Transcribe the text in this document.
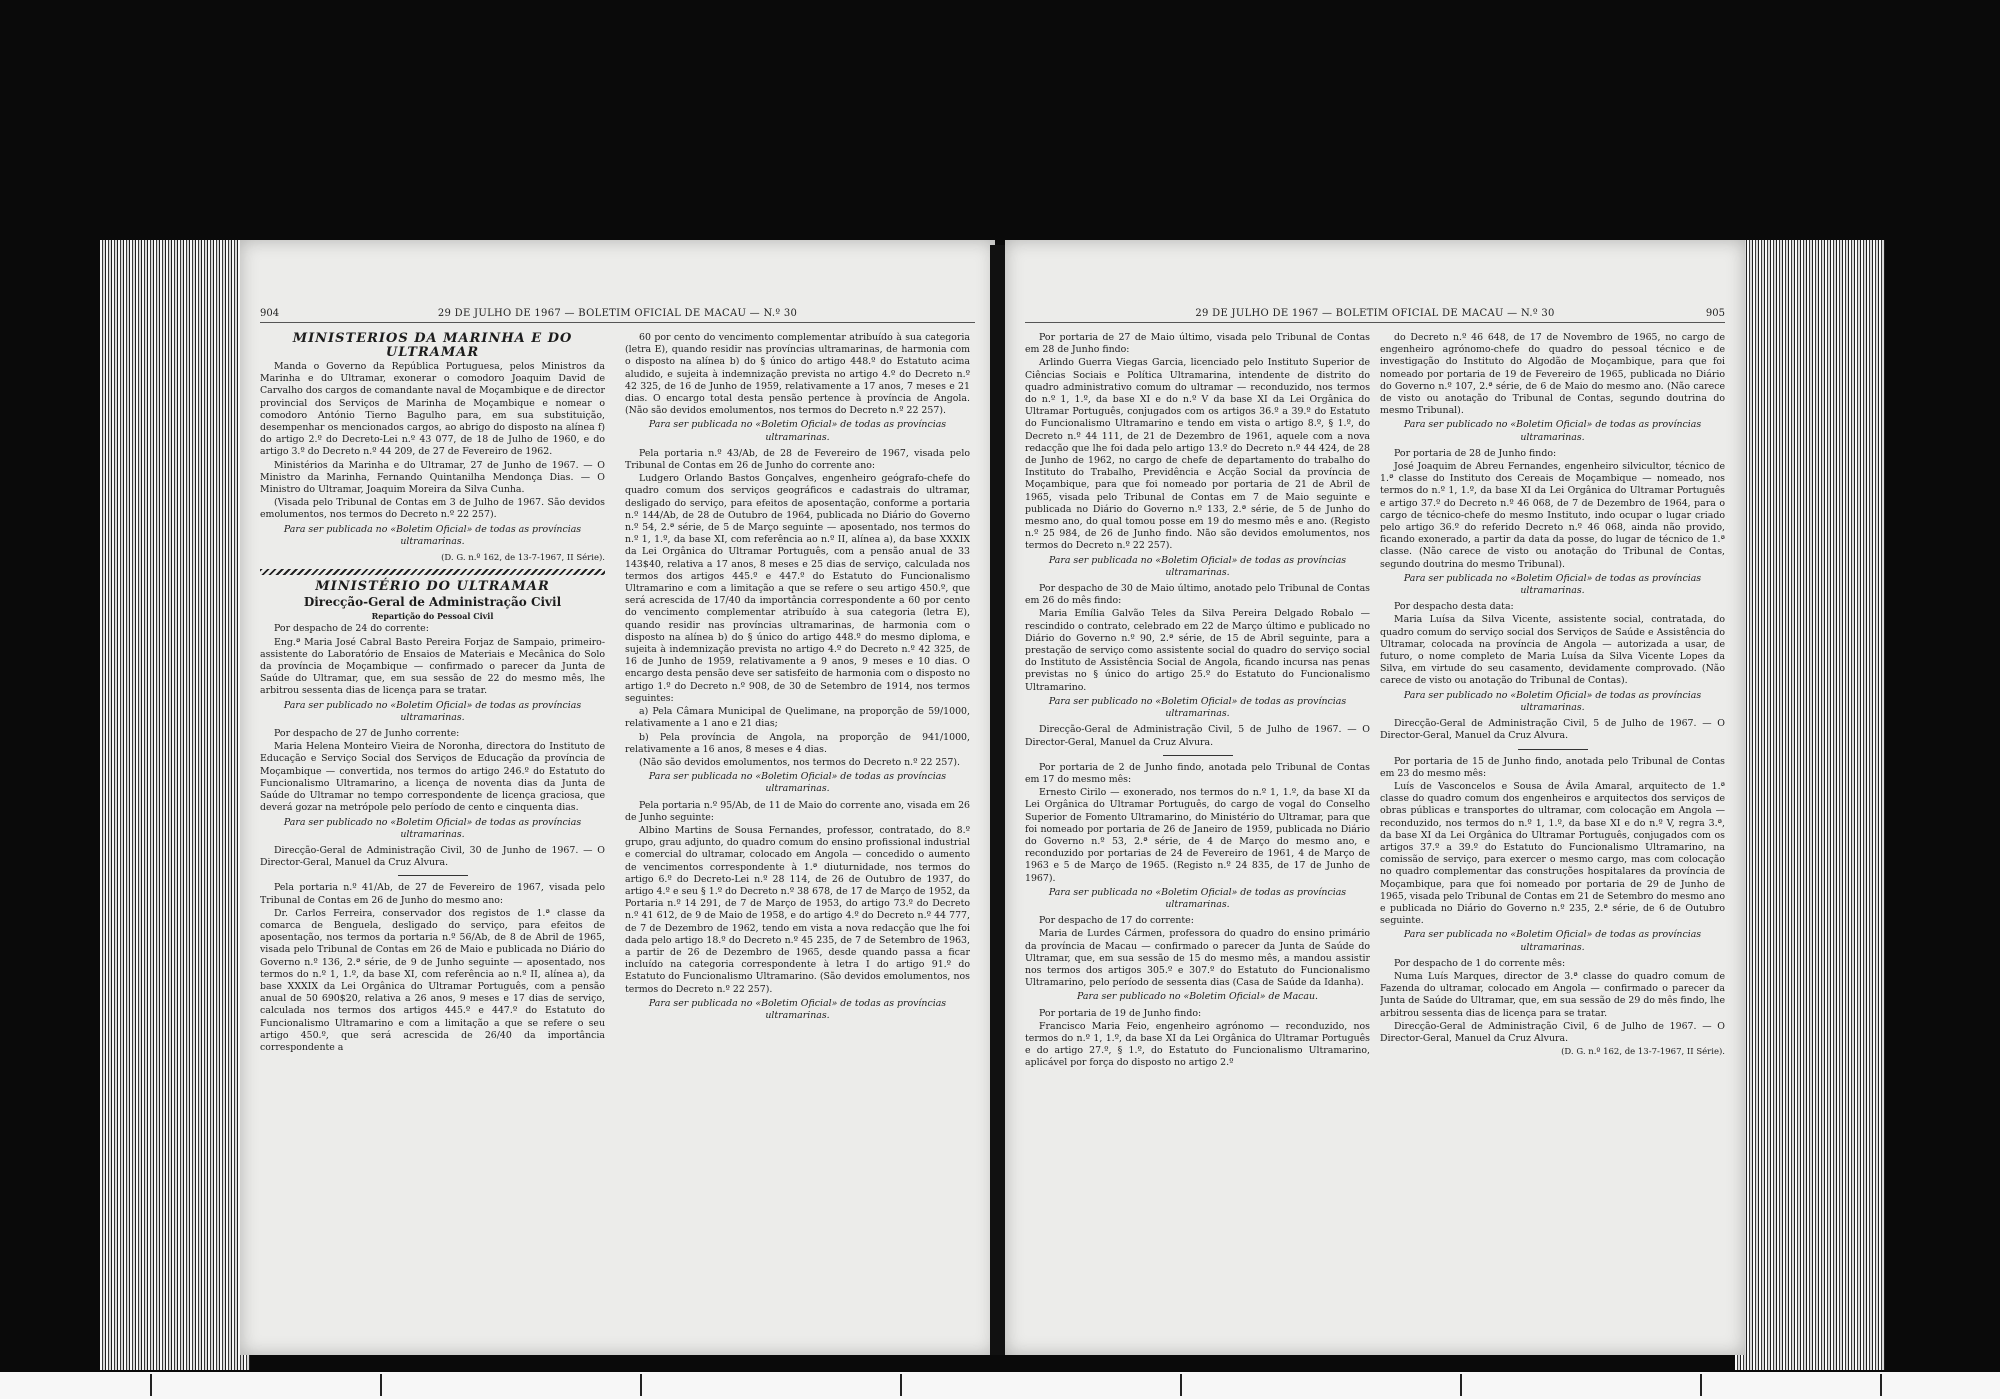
904	29 DE JULHO DE 1967 — BOLETIM OFICIAL DE MACAU — N.º 30

MINISTÉRIOS DA MARINHA E DO ULTRAMAR

Manda o Governo da República Portuguesa, pelos Ministros da Marinha e do Ultramar, exonerar o comodoro Joaquim David de Carvalho dos cargos de comandante naval de Moçambique e de director provincial dos Serviços de Marinha de Moçambique e nomear o comodoro António Tierno Bagulho para, em sua substituição, desempenhar os mencionados cargos, ao abrigo do disposto na alínea f) do artigo 2.º do Decreto-Lei n.º 43 077, de 18 de Julho de 1960, e do artigo 3.º do Decreto n.º 44 209, de 27 de Fevereiro de 1962.

Ministérios da Marinha e do Ultramar, 27 de Junho de 1967. — O Ministro da Marinha, Fernando Quintanilha Mendonça Dias. — O Ministro do Ultramar, Joaquim Moreira da Silva Cunha.

(Visada pelo Tribunal de Contas em 3 de Julho de 1967. São devidos emolumentos, nos termos do Decreto n.º 22 257).

Para ser publicada no «Boletim Oficial» de todas as províncias ultramarinas.

(D. G. n.º 162, de 13-7-1967, II Série).

MINISTÉRIO DO ULTRAMAR

Direcção-Geral de Administração Civil

Repartição do Pessoal Civil

Por despacho de 24 do corrente:

Eng.ª Maria José Cabral Basto Pereira Forjaz de Sampaio, primeiro-assistente do Laboratório de Ensaios de Materiais e Mecânica do Solo da província de Moçambique — confirmado o parecer da Junta de Saúde do Ultramar, que, em sua sessão de 22 do mesmo mês, lhe arbitrou sessenta dias de licença para se tratar.

Para ser publicado no «Boletim Oficial» de todas as províncias ultramarinas.

Por despacho de 27 de Junho corrente:

Maria Helena Monteiro Vieira de Noronha, directora do Instituto de Educação e Serviço Social dos Serviços de Educação da província de Moçambique — convertida, nos termos do artigo 246.º do Estatuto do Funcionalismo Ultramarino, a licença de noventa dias da Junta de Saúde do Ultramar no tempo correspondente de licença graciosa, que deverá gozar na metrópole pelo período de cento e cinquenta dias.

Para ser publicado no «Boletim Oficial» de todas as províncias ultramarinas.

Direcção-Geral de Administração Civil, 30 de Junho de 1967. — O Director-Geral, Manuel da Cruz Alvura.

Pela portaria n.º 41/Ab, de 27 de Fevereiro de 1967, visada pelo Tribunal de Contas em 26 de Junho do mesmo ano:

Dr. Carlos Ferreira, conservador dos registos de 1.ª classe da comarca de Benguela, desligado do serviço, para efeitos de aposentação, nos termos da portaria n.º 56/Ab, de 8 de Abril de 1965, visada pelo Tribunal de Contas em 26 de Maio e publicada no Diário do Governo n.º 136, 2.ª série, de 9 de Junho seguinte — aposentado, nos termos do n.º 1, 1.º, da base XI, com referência ao n.º II, alínea a), da base XXXIX da Lei Orgânica do Ultramar Português, com a pensão anual de 50 690$20, relativa a 26 anos, 9 meses e 17 dias de serviço, calculada nos termos dos artigos 445.º e 447.º do Estatuto do Funcionalismo Ultramarino e com a limitação a que se refere o seu artigo 450.º, que será acrescida de 26/40 da importância correspondente a

60 por cento do vencimento complementar atribuído à sua categoria (letra E), quando residir nas províncias ultramarinas, de harmonia com o disposto na alínea b) do § único do artigo 448.º do Estatuto acima aludido, e sujeita à indemnização prevista no artigo 4.º do Decreto n.º 42 325, de 16 de Junho de 1959, relativamente a 17 anos, 7 meses e 21 dias. O encargo total desta pensão pertence à província de Angola. (Não são devidos emolumentos, nos termos do Decreto n.º 22 257).

Para ser publicada no «Boletim Oficial» de todas as províncias ultramarinas.

Pela portaria n.º 43/Ab, de 28 de Fevereiro de 1967, visada pelo Tribunal de Contas em 26 de Junho do corrente ano:

Ludgero Orlando Bastos Gonçalves, engenheiro geógrafo-chefe do quadro comum dos serviços geográficos e cadastrais do ultramar, desligado do serviço, para efeitos de aposentação, conforme a portaria n.º 144/Ab, de 28 de Outubro de 1964, publicada no Diário do Governo n.º 54, 2.ª série, de 5 de Março seguinte — aposentado, nos termos do n.º 1, 1.º, da base XI, com referência ao n.º II, alínea a), da base XXXIX da Lei Orgânica do Ultramar Português, com a pensão anual de 33 143$40, relativa a 17 anos, 8 meses e 25 dias de serviço, calculada nos termos dos artigos 445.º e 447.º do Estatuto do Funcionalismo Ultramarino e com a limitação a que se refere o seu artigo 450.º, que será acrescida de 17/40 da importância correspondente a 60 por cento do vencimento complementar atribuído à sua categoria (letra E), quando residir nas províncias ultramarinas, de harmonia com o disposto na alínea b) do § único do artigo 448.º do mesmo diploma, e sujeita à indemnização prevista no artigo 4.º do Decreto n.º 42 325, de 16 de Junho de 1959, relativamente a 9 anos, 9 meses e 10 dias. O encargo desta pensão deve ser satisfeito de harmonia com o disposto no artigo 1.º do Decreto n.º 908, de 30 de Setembro de 1914, nos termos seguintes:

a) Pela Câmara Municipal de Quelimane, na proporção de 59/1000, relativamente a 1 ano e 21 dias;

b) Pela província de Angola, na proporção de 941/1000, relativamente a 16 anos, 8 meses e 4 dias.

(Não são devidos emolumentos, nos termos do Decreto n.º 22 257).

Para ser publicada no «Boletim Oficial» de todas as províncias ultramarinas.

Pela portaria n.º 95/Ab, de 11 de Maio do corrente ano, visada em 26 de Junho seguinte:

Albino Martins de Sousa Fernandes, professor, contratado, do 8.º grupo, grau adjunto, do quadro comum do ensino profissional industrial e comercial do ultramar, colocado em Angola — concedido o aumento de vencimentos correspondente à 1.ª diuturnidade, nos termos do artigo 6.º do Decreto-Lei n.º 28 114, de 26 de Outubro de 1937, do artigo 4.º e seu § 1.º do Decreto n.º 38 678, de 17 de Março de 1952, da Portaria n.º 14 291, de 7 de Março de 1953, do artigo 73.º do Decreto n.º 41 612, de 9 de Maio de 1958, e do artigo 4.º do Decreto n.º 44 777, de 7 de Dezembro de 1962, tendo em vista a nova redacção que lhe foi dada pelo artigo 18.º do Decreto n.º 45 235, de 7 de Setembro de 1963, a partir de 26 de Dezembro de 1965, desde quando passa a ficar incluído na categoria correspondente à letra I do artigo 91.º do Estatuto do Funcionalismo Ultramarino. (São devidos emolumentos, nos termos do Decreto n.º 22 257).

Para ser publicada no «Boletim Oficial» de todas as províncias ultramarinas.

29 DE JULHO DE 1967 — BOLETIM OFICIAL DE MACAU — N.º 30	905

Por portaria de 27 de Maio último, visada pelo Tribunal de Contas em 28 de Junho findo:

Arlindo Guerra Viegas Garcia, licenciado pelo Instituto Superior de Ciências Sociais e Política Ultramarina, intendente de distrito do quadro administrativo comum do ultramar — reconduzido, nos termos do n.º 1, 1.º, da base XI e do n.º V da base XI da Lei Orgânica do Ultramar Português, conjugados com os artigos 36.º a 39.º do Estatuto do Funcionalismo Ultramarino e tendo em vista o artigo 8.º, § 1.º, do Decreto n.º 44 111, de 21 de Dezembro de 1961, aquele com a nova redacção que lhe foi dada pelo artigo 13.º do Decreto n.º 44 424, de 28 de Junho de 1962, no cargo de chefe de departamento do trabalho do Instituto do Trabalho, Previdência e Acção Social da província de Moçambique, para que foi nomeado por portaria de 21 de Abril de 1965, visada pelo Tribunal de Contas em 7 de Maio seguinte e publicada no Diário do Governo n.º 133, 2.ª série, de 5 de Junho do mesmo ano, do qual tomou posse em 19 do mesmo mês e ano. (Registo n.º 25 984, de 26 de Junho findo. Não são devidos emolumentos, nos termos do Decreto n.º 22 257).

Para ser publicada no «Boletim Oficial» de todas as províncias ultramarinas.

Por despacho de 30 de Maio último, anotado pelo Tribunal de Contas em 26 do mês findo:

Maria Emília Galvão Teles da Silva Pereira Delgado Robalo — rescindido o contrato, celebrado em 22 de Março último e publicado no Diário do Governo n.º 90, 2.ª série, de 15 de Abril seguinte, para a prestação de serviço como assistente social do quadro do serviço social do Instituto de Assistência Social de Angola, ficando incursa nas penas previstas no § único do artigo 25.º do Estatuto do Funcionalismo Ultramarino.

Para ser publicado no «Boletim Oficial» de todas as províncias ultramarinas.

Direcção-Geral de Administração Civil, 5 de Julho de 1967. — O Director-Geral, Manuel da Cruz Alvura.

Por portaria de 2 de Junho findo, anotada pelo Tribunal de Contas em 17 do mesmo mês:

Ernesto Cirilo — exonerado, nos termos do n.º 1, 1.º, da base XI da Lei Orgânica do Ultramar Português, do cargo de vogal do Conselho Superior de Fomento Ultramarino, do Ministério do Ultramar, para que foi nomeado por portaria de 26 de Janeiro de 1959, publicada no Diário do Governo n.º 53, 2.ª série, de 4 de Março do mesmo ano, e reconduzido por portarias de 24 de Fevereiro de 1961, 4 de Março de 1963 e 5 de Março de 1965. (Registo n.º 24 835, de 17 de Junho de 1967).

Para ser publicada no «Boletim Oficial» de todas as províncias ultramarinas.

Por despacho de 17 do corrente:

Maria de Lurdes Cármen, professora do quadro do ensino primário da província de Macau — confirmado o parecer da Junta de Saúde do Ultramar, que, em sua sessão de 15 do mesmo mês, a mandou assistir nos termos dos artigos 305.º e 307.º do Estatuto do Funcionalismo Ultramarino, pelo período de sessenta dias (Casa de Saúde da Idanha).

Para ser publicado no «Boletim Oficial» de Macau.

Por portaria de 19 de Junho findo:

Francisco Maria Feio, engenheiro agrónomo — reconduzido, nos termos do n.º 1, 1.º, da base XI da Lei Orgânica do Ultramar Português e do artigo 27.º, § 1.º, do Estatuto do Funcionalismo Ultramarino, aplicável por força do disposto no artigo 2.º

do Decreto n.º 46 648, de 17 de Novembro de 1965, no cargo de engenheiro agrónomo-chefe do quadro do pessoal técnico e de investigação do Instituto do Algodão de Moçambique, para que foi nomeado por portaria de 19 de Fevereiro de 1965, publicada no Diário do Governo n.º 107, 2.ª série, de 6 de Maio do mesmo ano. (Não carece de visto ou anotação do Tribunal de Contas, segundo doutrina do mesmo Tribunal).

Para ser publicado no «Boletim Oficial» de todas as províncias ultramarinas.

Por portaria de 28 de Junho findo:

José Joaquim de Abreu Fernandes, engenheiro silvicultor, técnico de 1.ª classe do Instituto dos Cereais de Moçambique — nomeado, nos termos do n.º 1, 1.º, da base XI da Lei Orgânica do Ultramar Português e artigo 37.º do Decreto n.º 46 068, de 7 de Dezembro de 1964, para o cargo de técnico-chefe do mesmo Instituto, indo ocupar o lugar criado pelo artigo 36.º do referido Decreto n.º 46 068, ainda não provido, ficando exonerado, a partir da data da posse, do lugar de técnico de 1.ª classe. (Não carece de visto ou anotação do Tribunal de Contas, segundo doutrina do mesmo Tribunal).

Para ser publicada no «Boletim Oficial» de todas as províncias ultramarinas.

Por despacho desta data:

Maria Luísa da Silva Vicente, assistente social, contratada, do quadro comum do serviço social dos Serviços de Saúde e Assistência do Ultramar, colocada na província de Angola — autorizada a usar, de futuro, o nome completo de Maria Luísa da Silva Vicente Lopes da Silva, em virtude do seu casamento, devidamente comprovado. (Não carece de visto ou anotação do Tribunal de Contas).

Para ser publicado no «Boletim Oficial» de todas as províncias ultramarinas.

Direcção-Geral de Administração Civil, 5 de Julho de 1967. — O Director-Geral, Manuel da Cruz Alvura.

Por portaria de 15 de Junho findo, anotada pelo Tribunal de Contas em 23 do mesmo mês:

Luís de Vasconcelos e Sousa de Ávila Amaral, arquitecto de 1.ª classe do quadro comum dos engenheiros e arquitectos dos serviços de obras públicas e transportes do ultramar, com colocação em Angola — reconduzido, nos termos do n.º 1, 1.º, da base XI e do n.º V, regra 3.ª, da base XI da Lei Orgânica do Ultramar Português, conjugados com os artigos 37.º a 39.º do Estatuto do Funcionalismo Ultramarino, na comissão de serviço, para exercer o mesmo cargo, mas com colocação no quadro complementar das construções hospitalares da província de Moçambique, para que foi nomeado por portaria de 29 de Junho de 1965, visada pelo Tribunal de Contas em 21 de Setembro do mesmo ano e publicada no Diário do Governo n.º 235, 2.ª série, de 6 de Outubro seguinte.

Para ser publicada no «Boletim Oficial» de todas as províncias ultramarinas.

Por despacho de 1 do corrente mês:

Numa Luís Marques, director de 3.ª classe do quadro comum de Fazenda do ultramar, colocado em Angola — confirmado o parecer da Junta de Saúde do Ultramar, que, em sua sessão de 29 do mês findo, lhe arbitrou sessenta dias de licença para se tratar.

Direcção-Geral de Administração Civil, 6 de Julho de 1967. — O Director-Geral, Manuel da Cruz Alvura.

(D. G. n.º 162, de 13-7-1967, II Série).
